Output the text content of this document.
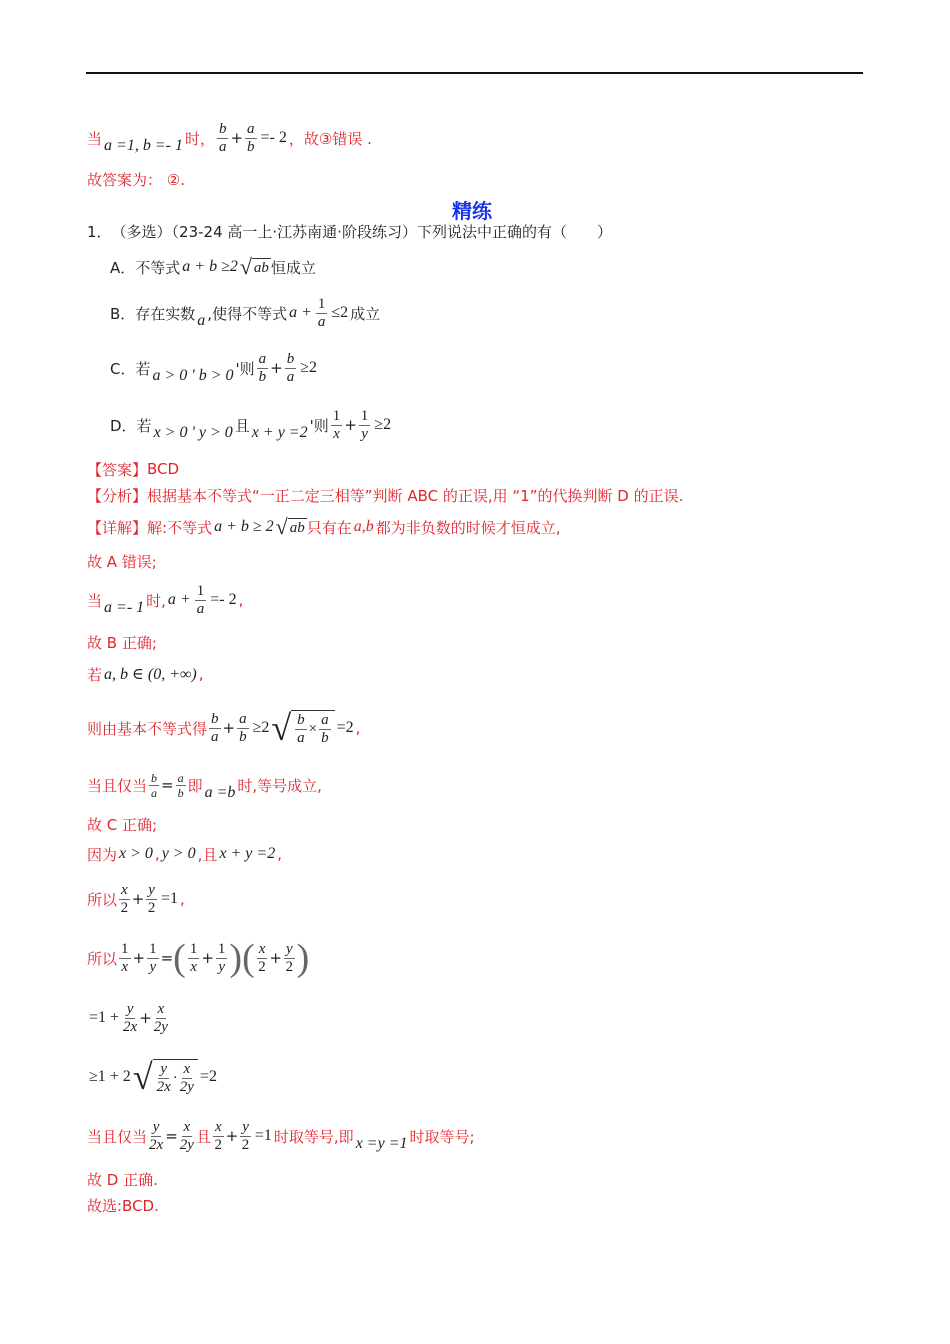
当 a =1, b =- 1 时， $\frac{b}{a} + \frac{a}{b} =- 2$ ， 故③错误 .
故答案为： ②.
精练
1． （多选）（23-24 高一上·江苏南通·阶段练习）下列说法中正确的有（　　）
A．不等式 a + b ≥2 √ ab 恒成立
B．存在实数 a ,使得不等式 $a + \frac{1}{a} \le 2$ 成立
C．若 a > 0 ' b > 0 '则 $\frac{a}{b} + \frac{b}{a} \ge 2$
D．若 x > 0 ' y > 0 且 x + y =2 '则 $\frac{1}{x} + \frac{1}{y} \ge 2$
【答案】 BCD
【分析】 根据基本不等式“一正二定三相等”判断 ABC 的正误,用 “1”的代换判断 D 的正误.
【详解】 解:不等式 a + b ≥ 2 √ ab 只有在 a,b 都为非负数的时候才恒成立,
故 A 错误;
当 a =- 1 时, $a + \frac{1}{a} =- 2$ ,
故 B 正确;
若 a, b ∈ (0, +∞) ,
则由基本不等式得 $\frac{b}{a} + \frac{a}{b} \ge 2$ √ $\frac{b}{a} \times \frac{a}{b} =2$ ,
当且仅当 $\frac{b}{a} = \frac{a}{b}$ 即 a =b 时,等号成立,
故 C 正确;
因为 x > 0 , y > 0 ,且 x + y =2 ,
所以 $\frac{x}{2} + \frac{y}{2} =1$ ,
所以 $\frac{1}{x} + \frac{1}{y}$ = ( $\frac{1}{x} + \frac{1}{y}$ ) ( $\frac{x}{2} + \frac{y}{2}$ )
$=1 + \frac{y}{2x} + \frac{x}{2y}$
≥1 + 2 √ $\frac{y}{2x} \cdot \frac{x}{2y} =2$
当且仅当 $\frac{y}{2x} = \frac{x}{2y}$ 且 $\frac{x}{2} + \frac{y}{2} =1$ 时取等号,即 x =y =1 时取等号;
故 D 正确.
故选:BCD.
